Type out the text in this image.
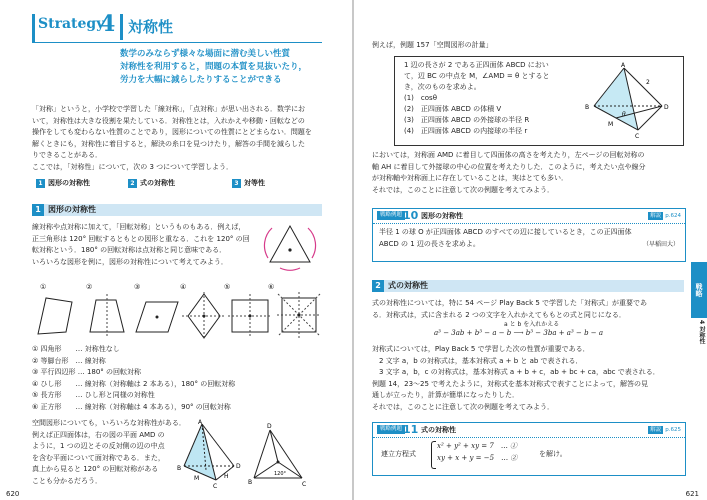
Strategy
4 対称性
数学のみならず様々な場面に潜む美しい性質
対称性を利用すると，問題の本質を見抜いたり，
労力を大幅に減らしたりすることができる
「対称」というと，小学校で学習した「線対称」，「点対称」が思い出される．数学にお
いて，対称性は大きな役割を果たしている．対称性とは，入れかえや移動・回転などの
操作をしても変わらない性質のことであり，図形についての性質にとどまらない．問題を
解くときにも，対称性に着目すると，解決の糸口を見つけたり，解答の手間を減らした
りできることがある．
ここでは，「対称性」について，次の 3 つについて学習しよう．
1 図形の対称性	2 式の対称性	3 対等性
1 図形の対称性
線対称や点対称に加えて，「回転対称」というものもある．例えば，
正三角形は 120° 回転するともとの図形と重なる．これを 120° の回
転対称という．180° の回転対称は点対称と同じ意味である．
いろいろな図形を例に，図形の対称性について考えてみよう．
①	②	③	④	⑤	⑥
① 四角形　　… 対称性なし
② 等脚台形　… 線対称
③ 平行四辺形 … 180° の回転対称
④ ひし形　　… 線対称（対称軸は 2 本ある），180° の回転対称
⑤ 長方形　　… ひし形と同様の対称性
⑥ 正方形　　… 線対称（対称軸は 4 本ある），90° の回転対称
空間図形についても，いろいろな対称性がある．
例えば正四面体は，右の図の平面 AMD の
ように，1 つの辺とその反対側の辺の中点
を含む平面について面対称である．また，
真上から見ると 120° の回転対称がある
ことも分かるだろう．
A
B
C
D
H
M
D
B	C
120°
620
例えば，例題 157「空間図形の計量」
1 辺の長さが 2 である正四面体 ABCD におい
て，辺 BC の中点を M，∠AMD = θ とすると
き，次のものを求めよ。
(1)　cosθ
(2)　正四面体 ABCD の体積 V
(3)　正四面体 ABCD の外接球の半径 R
(4)　正四面体 ABCD の内接球の半径 r
A
B
C
D
M
θ
2
においては，対称面 AMD に着目して四面体の高さを考えたり，左ページの回転対称の
軸 AH に着目して外接球の中心の位置を考えたりした．このように，考えたい点や線分
が対称軸や対称面上に存在していることは，実はとても多い．
それでは，このことに注意して次の例題を考えてみよう．
戦略例題 10 図形の対称性	解説 p.624
半径 1 の球 O が正四面体 ABCD のすべての辺に接しているとき，この正四面体
ABCD の 1 辺の長さを求めよ。	（早稲田大）
2 式の対称性
式の対称性については，特に 54 ページ Play Back 5 で学習した「対称式」が重要であ
る．対称式は，式に含まれる 2 つの文字を入れかえてももとの式と同じになる．
a と b を入れかえる
a³ − 3ab + b³ − a − b ⟶ b³ − 3ba + a³ − b − a
対称式については，Play Back 5 で学習した次の性質が重要である．
　2 文字 a，b の対称式は，基本対称式 a + b と ab で表される．
　3 文字 a，b，c の対称式は，基本対称式 a + b + c，ab + bc + ca，abc で表される．
例題 14，23〜25 で考えたように，対称式を基本対称式で表すことによって，解答の見
通しが立ったり，計算が簡単になったりした．
それでは，このことに注意して次の例題を考えてみよう．
戦略例題 11 式の対称性	解説 p.625
連立方程式
x² + y² + xy = 7　… ①
xy + x + y = −5　… ②	を解け。
戦略
4 対称性
621
